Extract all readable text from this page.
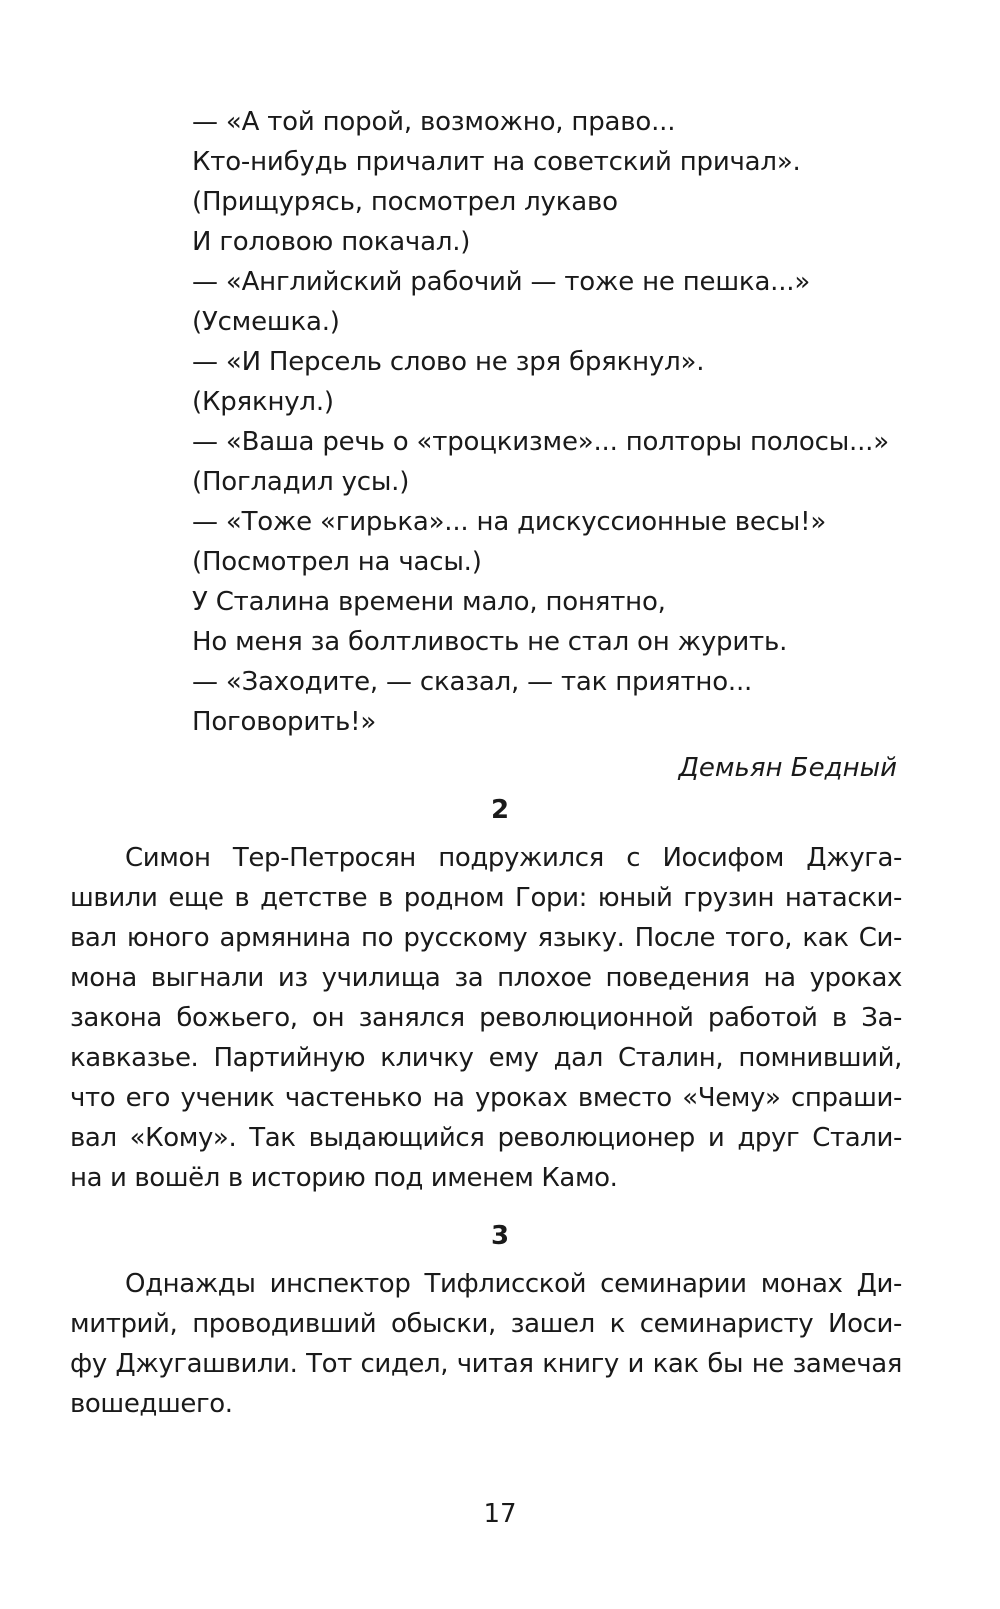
— «А той порой, возможно, право...
Кто-нибудь причалит на советский причал».
(Прищурясь, посмотрел лукаво
И головою покачал.)
— «Английский рабочий — тоже не пешка...»
(Усмешка.)
— «И Персель слово не зря брякнул».
(Крякнул.)
— «Ваша речь о «троцкизме»... полторы полосы...»
(Погладил усы.)
— «Тоже «гирька»... на дискуссионные весы!»
(Посмотрел на часы.)
У Сталина времени мало, понятно,
Но меня за болтливость не стал он журить.
— «Заходите, — сказал, — так приятно...
Поговорить!»
Демьян Бедный
2
Симон Тер-Петросян подружился с Иосифом Джуга-
швили еще в детстве в родном Гори: юный грузин натаски-
вал юного армянина по русскому языку. После того, как Си-
мона выгнали из училища за плохое поведения на уроках
закона божьего, он занялся революционной работой в За-
кавказье. Партийную кличку ему дал Сталин, помнивший,
что его ученик частенько на уроках вместо «Чему» спраши-
вал «Кому». Так выдающийся революционер и друг Стали-
на и вошёл в историю под именем Камо.
3
Однажды инспектор Тифлисской семинарии монах Ди-
митрий, проводивший обыски, зашел к семинаристу Иоси-
фу Джугашвили. Тот сидел, читая книгу и как бы не замечая
вошедшего.
17
